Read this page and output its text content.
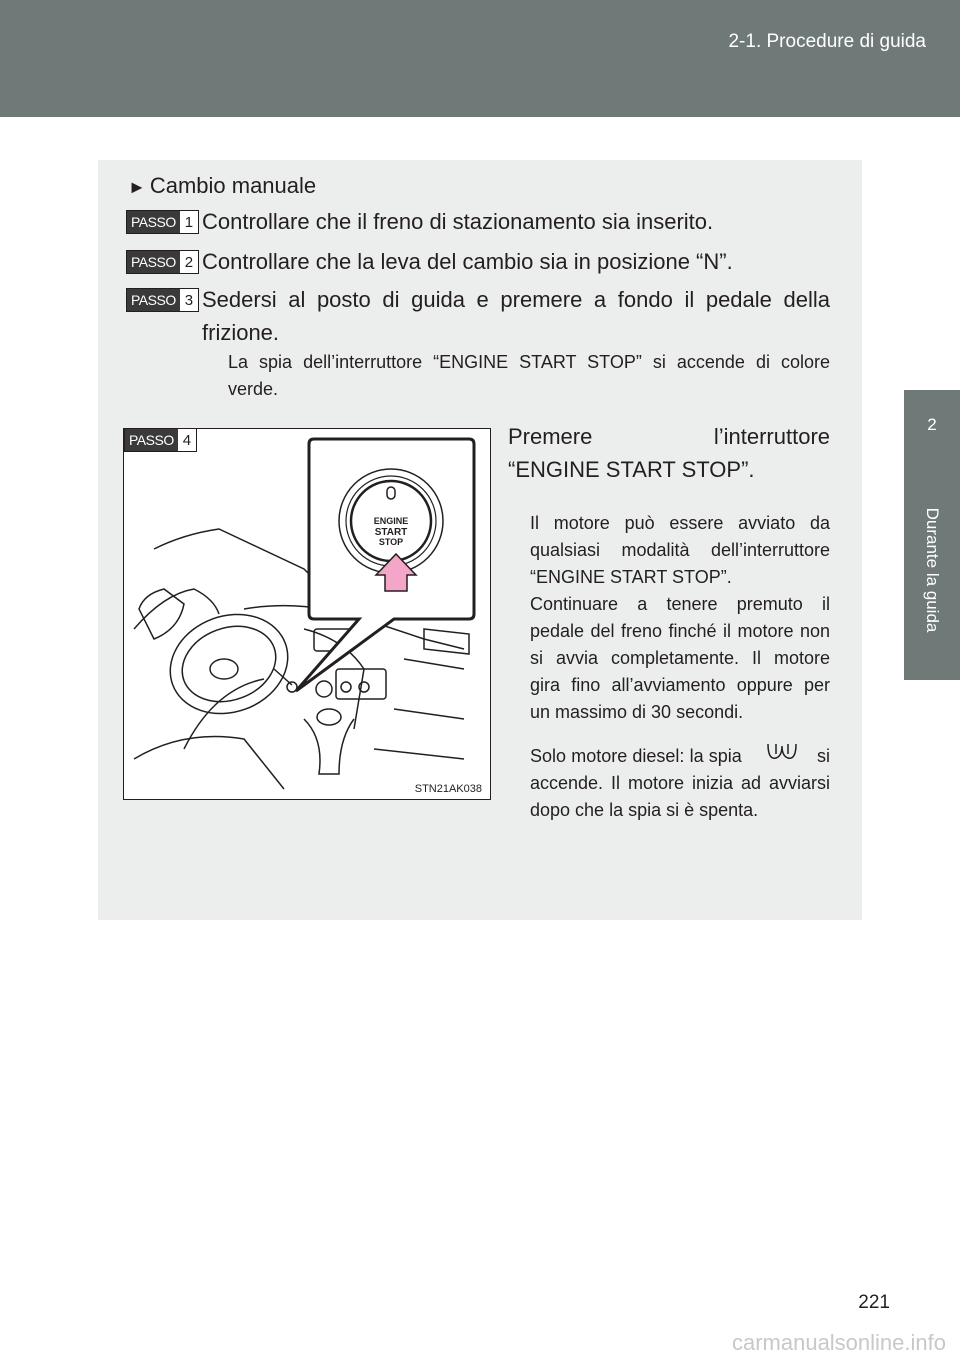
2-1. Procedure di guida
2
Durante la guida
► Cambio manuale
PASSO 1 Controllare che il freno di stazionamento sia inserito.
PASSO 2 Controllare che la leva del cambio sia in posizione “N”.
PASSO 3 Sedersi al posto di guida e premere a fondo il pedale della frizione.
La spia dell’interruttore “ENGINE START STOP” si accende di colore verde.
ENGINE
START
STOP
STN21AK038
PASSO 4	Premere	l’interruttore
“ENGINE START STOP”.
Il motore può essere avviato da qualsiasi modalità dell’interruttore “ENGINE START STOP”.
Continuare a tenere premuto il pedale del freno finché il motore non si avvia completamente. Il motore gira fino all’avviamento oppure per un massimo di 30 secondi.
Solo motore diesel: la spia	si accende. Il motore inizia ad avviarsi dopo che la spia si è spenta.
221
carmanualsonline.info
